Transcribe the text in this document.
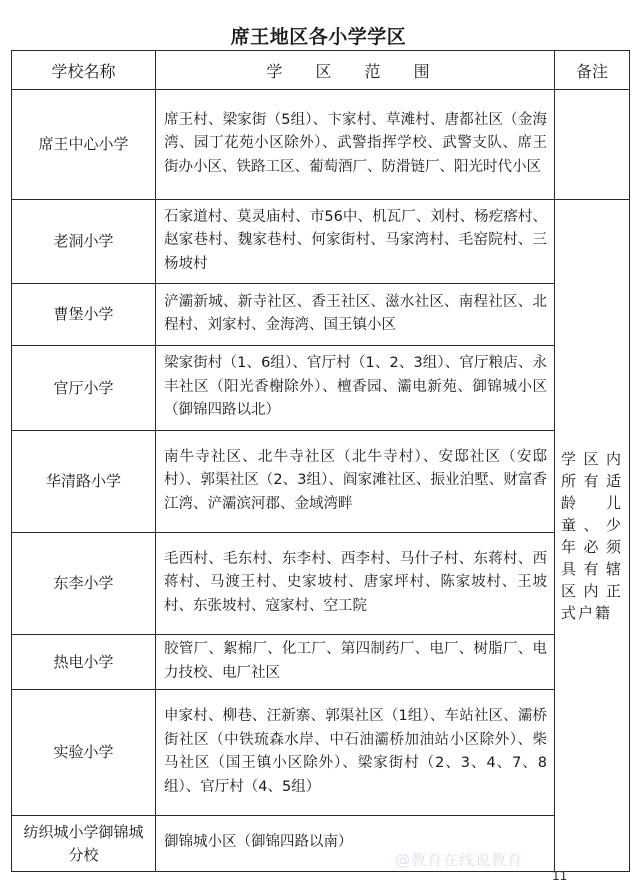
席王地区各小学学区
学校名称	学 区 范 围	备注
席王中心小学	席王村、梁家街（5组）、卞家村、草滩村、唐都社区（金海湾、园丁花苑小区除外）、武警指挥学校、武警支队、席王街办小区、铁路工区、葡萄酒厂、防滑链厂、阳光时代小区	
老洞小学	石家道村、莫灵庙村、市56中、机瓦厂、刘村、杨疙瘩村、赵家巷村、魏家巷村、何家街村、马家湾村、毛窑院村、三杨坡村	学区内所有适龄儿童、少年必须具有辖区内正式户籍
曹堡小学	浐灞新城、新寺社区、香王社区、滋水社区、南程社区、北程村、刘家村、金海湾、国王镇小区	
官厅小学	梁家街村（1、6组）、官厅村（1、2、3组）、官厅粮店、永丰社区（阳光香榭除外）、檀香园、灞电新苑、御锦城小区（御锦四路以北）	
华清路小学	南牛寺社区、北牛寺社区（北牛寺村）、安邸社区（安邸村）、郭渠社区（2、3组）、阎家滩社区、振业泊墅、财富香江湾、浐灞滨河郡、金域湾畔	
东李小学	毛西村、毛东村、东李村、西李村、马什子村、东蒋村、西蒋村、马渡王村、史家坡村、唐家坪村、陈家坡村、王坡村、东张坡村、寇家村、空工院	
热电小学	胶管厂、絮棉厂、化工厂、第四制药厂、电厂、树脂厂、电力技校、电厂社区	
实验小学	申家村、柳巷、汪新寨、郭渠社区（1组）、车站社区、灞桥街社区（中铁琉森水岸、中石油灞桥加油站小区除外）、柴马社区（国王镇小区除外）、梁家街村（2、3、4、7、8组）、官厅村（4、5组）	
纺织城小学御锦城分校	御锦城小区（御锦四路以南）	
@教育在线说教育
11
